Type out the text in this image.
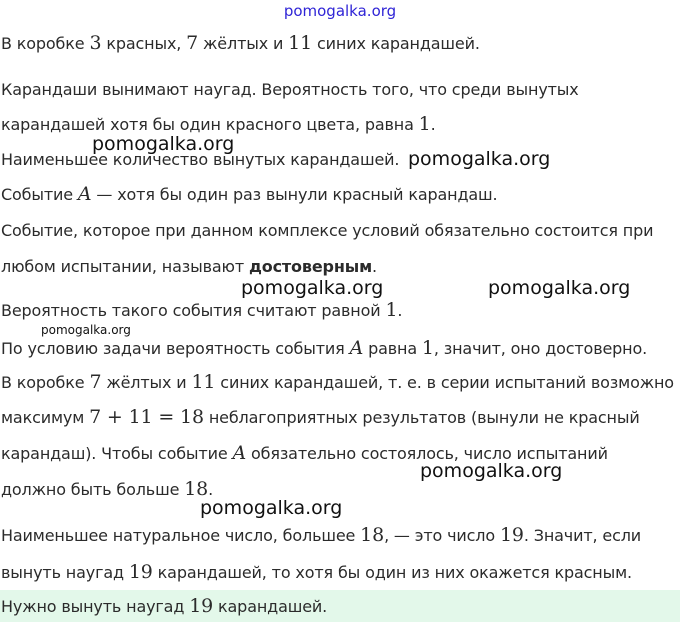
pomogalka.org
В коробке 3 красных, 7 жёлтых и 11 синих карандашей.
Карандаши вынимают наугад. Вероятность того, что среди вынутых
карандашей хотя бы один красного цвета, равна 1.
Наименьшее количество вынутых карандашей.
Событие A — хотя бы один раз вынули красный карандаш.
Событие, которое при данном комплексе условий обязательно состоится при
любом испытании, называют достоверным.
Вероятность такого события считают равной 1.
По условию задачи вероятность события A равна 1, значит, оно достоверно.
В коробке 7 жёлтых и 11 синих карандашей, т. е. в серии испытаний возможно
максимум 7 + 11 = 18 неблагоприятных результатов (вынули не красный
карандаш). Чтобы событие A обязательно состоялось, число испытаний
должно быть больше 18.
Наименьшее натуральное число, большее 18, — это число 19. Значит, если
вынуть наугад 19 карандашей, то хотя бы один из них окажется красным.
Нужно вынуть наугад 19 карандашей.
pomogalka.org
pomogalka.org
pomogalka.org	pomogalka.org
pomogalka.org
pomogalka.org
pomogalka.org
